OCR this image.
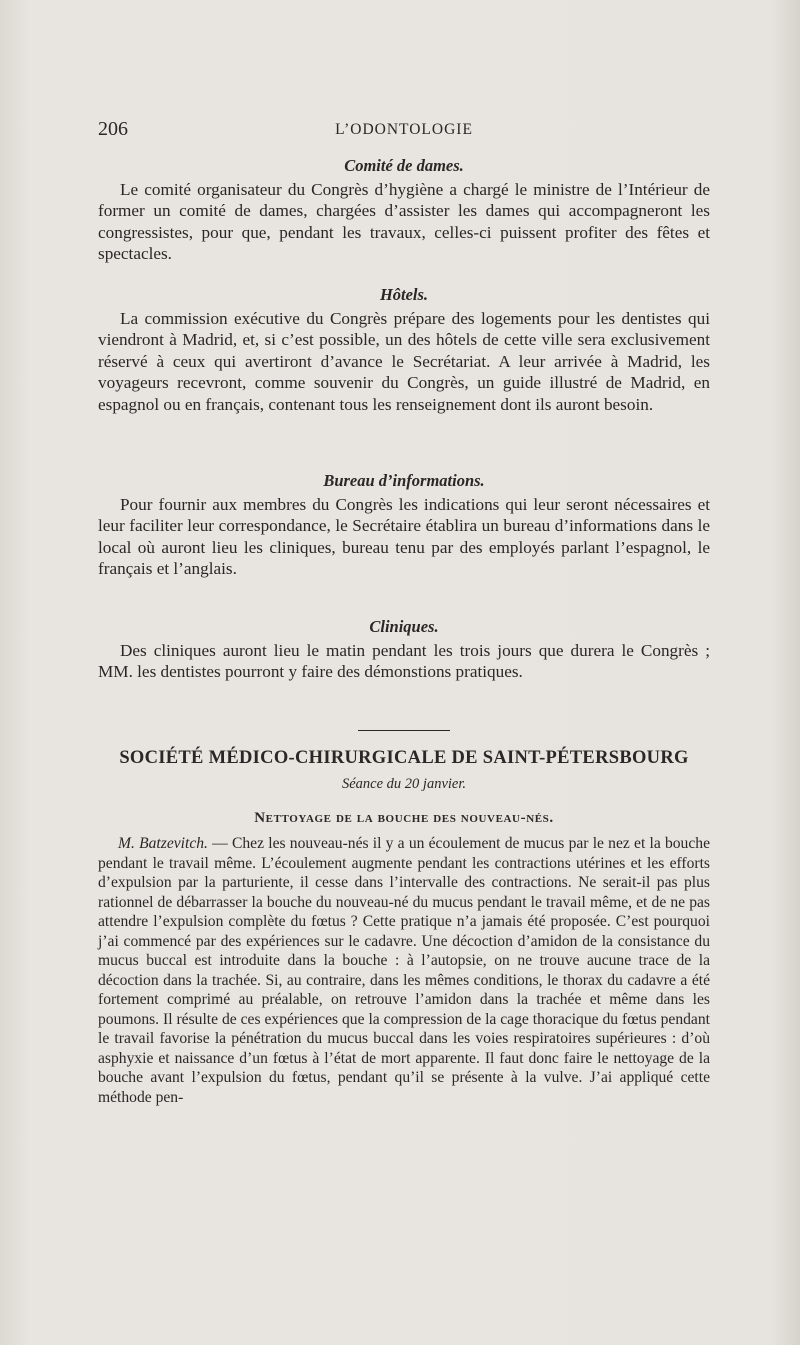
206	L’ODONTOLOGIE
Comité de dames.

Le comité organisateur du Congrès d’hygiène a chargé le ministre de l’Intérieur de former un comité de dames, chargées d’assister les dames qui accompagneront les congressistes, pour que, pendant les travaux, celles-ci puissent profiter des fêtes et spectacles.

Hôtels.

La commission exécutive du Congrès prépare des logements pour les dentistes qui viendront à Madrid, et, si c’est possible, un des hôtels de cette ville sera exclusivement réservé à ceux qui avertiront d’avance le Secrétariat. A leur arrivée à Madrid, les voyageurs recevront, comme souvenir du Congrès, un guide illustré de Madrid, en espagnol ou en français, contenant tous les renseignement dont ils auront besoin.

Bureau d’informations.

Pour fournir aux membres du Congrès les indications qui leur seront nécessaires et leur faciliter leur correspondance, le Secrétaire établira un bureau d’informations dans le local où auront lieu les cliniques, bureau tenu par des employés parlant l’espagnol, le français et l’anglais.

Cliniques.

Des cliniques auront lieu le matin pendant les trois jours que durera le Congrès ; MM. les dentistes pourront y faire des démonstions pratiques.

SOCIÉTÉ MÉDICO-CHIRURGICALE DE SAINT-PÉTERSBOURG

Séance du 20 janvier.

Nettoyage de la bouche des nouveau-nés.

M. Batzevitch. — Chez les nouveau-nés il y a un écoulement de mucus par le nez et la bouche pendant le travail même. L’écoulement augmente pendant les contractions utérines et les efforts d’expulsion par la parturiente, il cesse dans l’intervalle des contractions. Ne serait-il pas plus rationnel de débarrasser la bouche du nouveau-né du mucus pendant le travail même, et de ne pas attendre l’expulsion complète du fœtus ? Cette pratique n’a jamais été proposée. C’est pourquoi j’ai commencé par des expériences sur le cadavre. Une décoction d’amidon de la consistance du mucus buccal est introduite dans la bouche : à l’autopsie, on ne trouve aucune trace de la décoction dans la trachée. Si, au contraire, dans les mêmes conditions, le thorax du cadavre a été fortement comprimé au préalable, on retrouve l’amidon dans la trachée et même dans les poumons. Il résulte de ces expériences que la compression de la cage thoracique du fœtus pendant le travail favorise la pénétration du mucus buccal dans les voies respiratoires supérieures : d’où asphyxie et naissance d’un fœtus à l’état de mort apparente. Il faut donc faire le nettoyage de la bouche avant l’expulsion du fœtus, pendant qu’il se présente à la vulve. J’ai appliqué cette méthode pen-
